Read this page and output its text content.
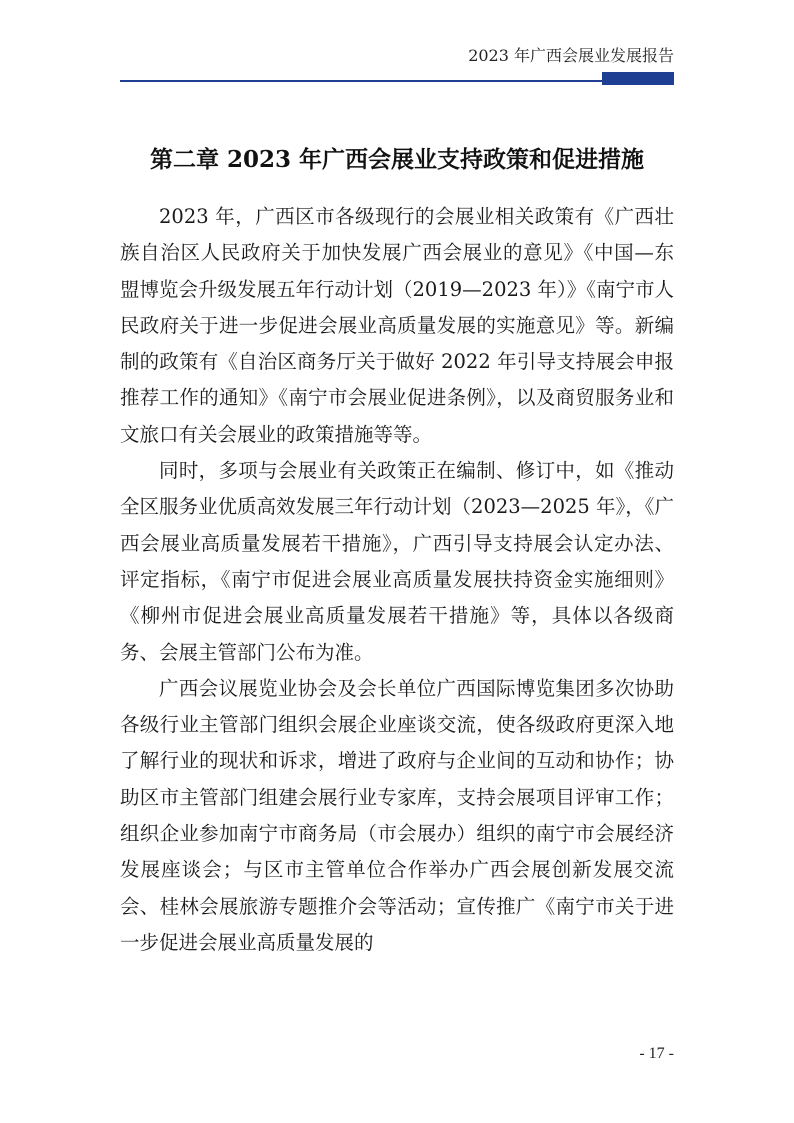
2023 年广西会展业发展报告
第二章 2023 年广西会展业支持政策和促进措施

2023 年，广西区市各级现行的会展业相关政策有《广西壮族自治区人民政府关于加快发展广西会展业的意见》《中国—东盟博览会升级发展五年行动计划（2019—2023 年）》《南宁市人民政府关于进一步促进会展业高质量发展的实施意见》等。新编制的政策有《自治区商务厅关于做好 2022 年引导支持展会申报推荐工作的通知》《南宁市会展业促进条例》，以及商贸服务业和文旅口有关会展业的政策措施等等。

同时，多项与会展业有关政策正在编制、修订中，如《推动全区服务业优质高效发展三年行动计划（2023—2025 年》，《广西会展业高质量发展若干措施》，广西引导支持展会认定办法、评定指标，《南宁市促进会展业高质量发展扶持资金实施细则》《柳州市促进会展业高质量发展若干措施》等，具体以各级商务、会展主管部门公布为准。

广西会议展览业协会及会长单位广西国际博览集团多次协助各级行业主管部门组织会展企业座谈交流，使各级政府更深入地了解行业的现状和诉求，增进了政府与企业间的互动和协作；协助区市主管部门组建会展行业专家库，支持会展项目评审工作；组织企业参加南宁市商务局（市会展办）组织的南宁市会展经济发展座谈会；与区市主管单位合作举办广西会展创新发展交流会、桂林会展旅游专题推介会等活动；宣传推广《南宁市关于进一步促进会展业高质量发展的

- 17 -
